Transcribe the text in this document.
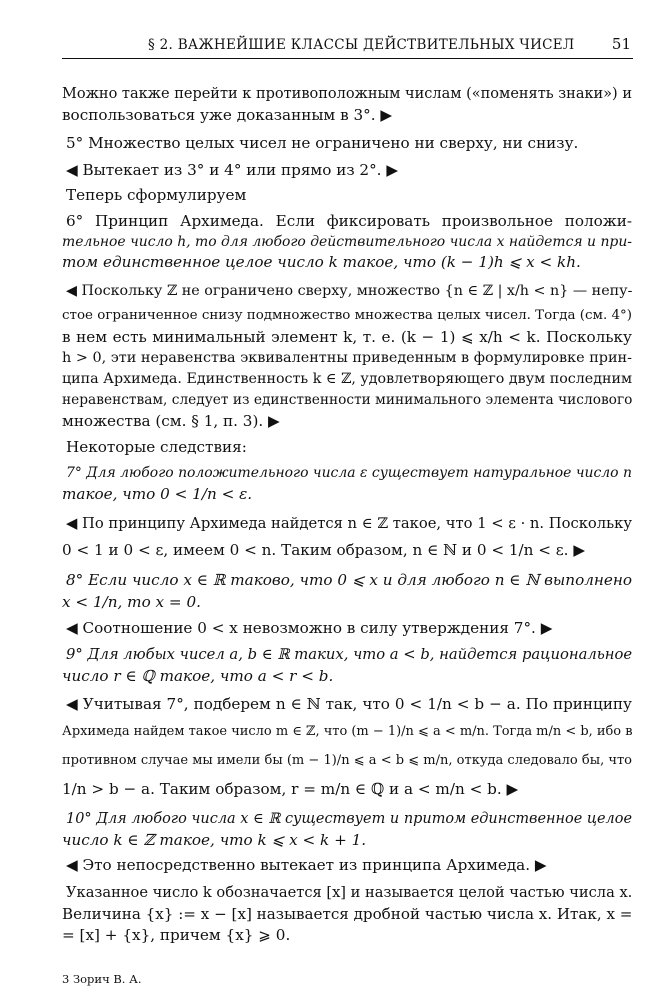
§ 2. ВАЖНЕЙШИЕ КЛАССЫ ДЕЙСТВИТЕЛЬНЫХ ЧИСЕЛ 51
Можно также перейти к противоположным числам («поменять знаки») и
воспользоваться уже доказанным в 3°. ▶
5° Множество целых чисел не ограничено ни сверху, ни снизу.
◀ Вытекает из 3° и 4° или прямо из 2°. ▶
Теперь сформулируем
6° Принцип Архимеда. Если фиксировать произвольное положи-
тельное число h, то для любого действительного числа x найдется и при-
том единственное целое число k такое, что (k − 1)h ⩽ x < kh.
◀ Поскольку ℤ не ограничено сверху, множество {n ∈ ℤ | x/h < n} — непу-
стое ограниченное снизу подмножество множества целых чисел. Тогда (см. 4°)
в нем есть минимальный элемент k, т. е. (k − 1) ⩽ x/h < k. Поскольку
h > 0, эти неравенства эквивалентны приведенным в формулировке прин-
ципа Архимеда. Единственность k ∈ ℤ, удовлетворяющего двум последним
неравенствам, следует из единственности минимального элемента числового
множества (см. § 1, п. 3). ▶
Некоторые следствия:
7° Для любого положительного числа ε существует натуральное число n
такое, что 0 < 1/n < ε.
◀ По принципу Архимеда найдется n ∈ ℤ такое, что 1 < ε · n. Поскольку
0 < 1 и 0 < ε, имеем 0 < n. Таким образом, n ∈ ℕ и 0 < 1/n < ε. ▶
8° Если число x ∈ ℝ таково, что 0 ⩽ x и для любого n ∈ ℕ выполнено
x < 1/n, то x = 0.
◀ Соотношение 0 < x невозможно в силу утверждения 7°. ▶
9° Для любых чисел a, b ∈ ℝ таких, что a < b, найдется рациональное
число r ∈ ℚ такое, что a < r < b.
◀ Учитывая 7°, подберем n ∈ ℕ так, что 0 < 1/n < b − a. По принципу
Архимеда найдем такое число m ∈ ℤ, что (m − 1)/n ⩽ a < m/n. Тогда m/n < b, ибо в
противном случае мы имели бы (m − 1)/n ⩽ a < b ⩽ m/n, откуда следовало бы, что
1/n > b − a. Таким образом, r = m/n ∈ ℚ и a < m/n < b. ▶
10° Для любого числа x ∈ ℝ существует и притом единственное целое
число k ∈ ℤ такое, что k ⩽ x < k + 1.
◀ Это непосредственно вытекает из принципа Архимеда. ▶
Указанное число k обозначается [x] и называется целой частью числа x.
Величина {x} := x − [x] называется дробной частью числа x. Итак, x =
= [x] + {x}, причем {x} ⩾ 0.
3 Зорич В. А.
